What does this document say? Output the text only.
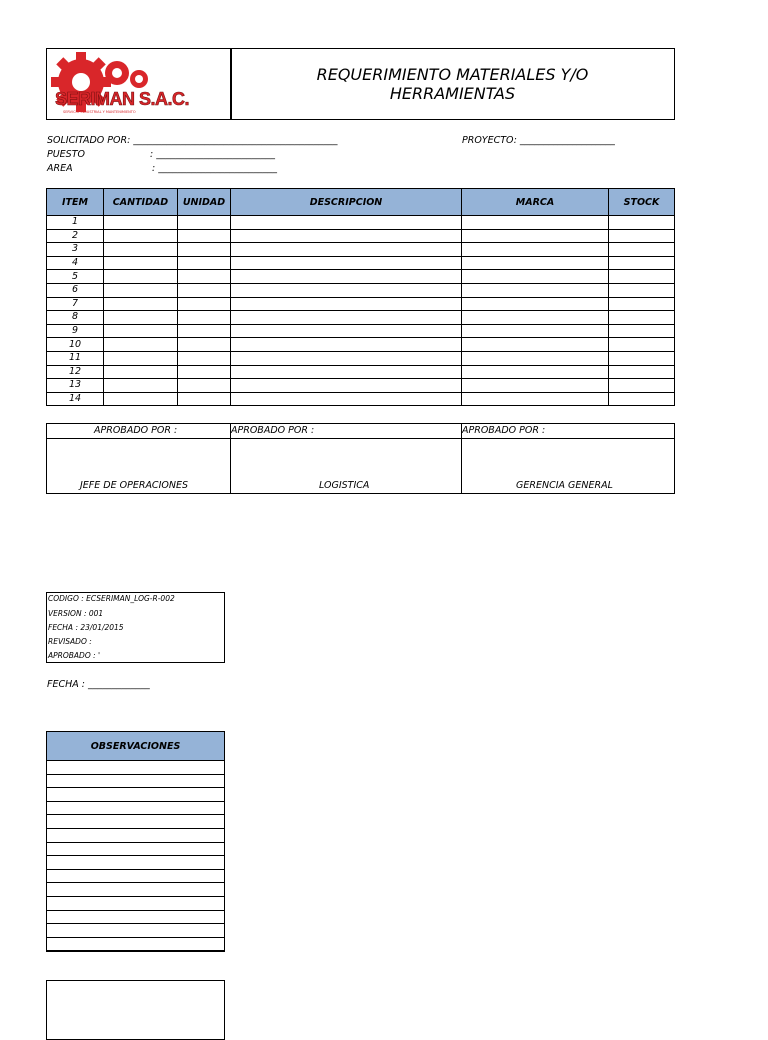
SERIMAN S.A.C.
SERVICIO INDUSTRIAL Y MANTENIMIENTO
REQUERIMIENTO MATERIALES Y/O HERRAMIENTAS
SOLICITADO POR: ___________________________________________	PROYECTO: ____________________
PUESTO	: _________________________
AREA	: _________________________
ITEM	CANTIDAD	UNIDAD	DESCRIPCION	MARCA	STOCK
1					
2					
3					
4					
5					
6					
7					
8					
9					
10					
11					
12					
13					
14					
APROBADO POR :	APROBADO POR :	APROBADO POR :
JEFE DE OPERACIONES	LOGISTICA	GERENCIA GENERAL
CODIGO : ECSERIMAN_LOG-R-002
VERSION : 001
FECHA : 23/01/2015
REVISADO :
APROBADO : '
FECHA : _____________
OBSERVACIONES
